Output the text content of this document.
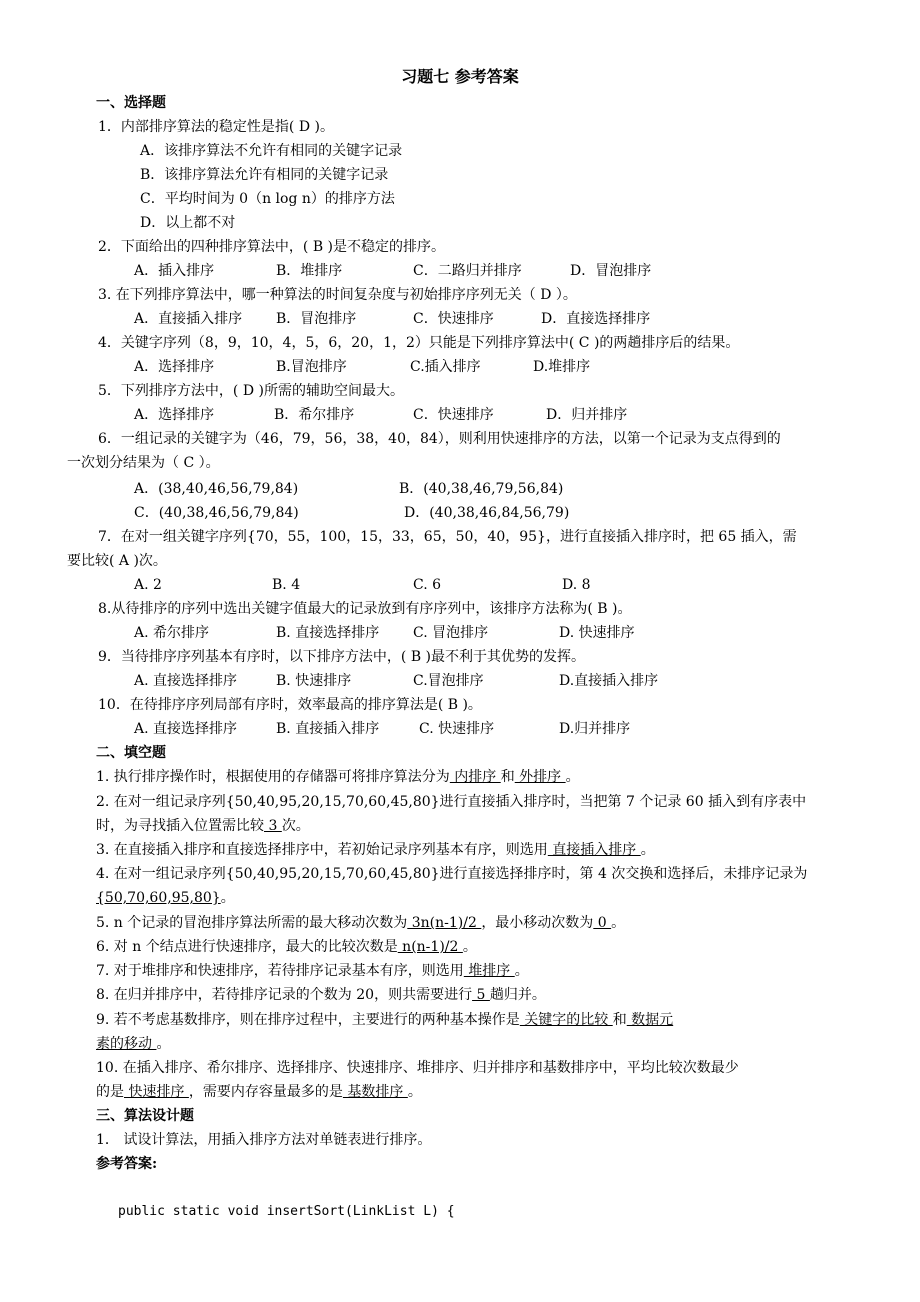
习题七 参考答案
一、选择题
1．内部排序算法的稳定性是指( D )。
A．该排序算法不允许有相同的关键字记录
B．该排序算法允许有相同的关键字记录
C．平均时间为 0（n log n）的排序方法
D．以上都不对
2．下面给出的四种排序算法中，( B )是不稳定的排序。
A．插入排序	B．堆排序	C．二路归并排序	D．冒泡排序
3. 在下列排序算法中，哪一种算法的时间复杂度与初始排序序列无关（ D ）。
A．直接插入排序 B．冒泡排序	C．快速排序	D．直接选择排序
4．关键字序列（8，9，10，4，5，6，20，1，2）只能是下列排序算法中( C )的两趟排序后的结果。
A．选择排序	B.冒泡排序	C.插入排序	D.堆排序
5．下列排序方法中，( D )所需的辅助空间最大。
A．选择排序	B．希尔排序	C．快速排序	D．归并排序
6．一组记录的关键字为（46，79，56，38，40，84），则利用快速排序的方法，以第一个记录为支点得到的
一次划分结果为（ C ）。
A．(38,40,46,56,79,84)	B．(40,38,46,79,56,84)
C．(40,38,46,56,79,84)	D．(40,38,46,84,56,79)
7．在对一组关键字序列{70，55，100，15，33，65，50，40，95}，进行直接插入排序时，把 65 插入，需
要比较( A )次。
A. 2	B. 4	C. 6	D. 8
8.从待排序的序列中选出关键字值最大的记录放到有序序列中，该排序方法称为( B )。
A. 希尔排序	B. 直接选择排序 C. 冒泡排序	D. 快速排序
9．当待排序序列基本有序时，以下排序方法中，( B )最不利于其优势的发挥。
A. 直接选择排序	B. 快速排序	C.冒泡排序	D.直接插入排序
10．在待排序序列局部有序时，效率最高的排序算法是( B )。
A. 直接选择排序	B. 直接插入排序	C. 快速排序	D.归并排序
二、填空题
1. 执行排序操作时，根据使用的存储器可将排序算法分为 内排序 和 外排序 。
2. 在对一组记录序列{50,40,95,20,15,70,60,45,80}进行直接插入排序时，当把第 7 个记录 60 插入到有序表中
时，为寻找插入位置需比较 3 次。
3. 在直接插入排序和直接选择排序中，若初始记录序列基本有序，则选用 直接插入排序 。
4. 在对一组记录序列{50,40,95,20,15,70,60,45,80}进行直接选择排序时，第 4 次交换和选择后，未排序记录为
{50,70,60,95,80}。
5. n 个记录的冒泡排序算法所需的最大移动次数为 3n(n-1)/2 ，最小移动次数为 0 。
6. 对 n 个结点进行快速排序，最大的比较次数是 n(n-1)/2 。
7. 对于堆排序和快速排序，若待排序记录基本有序，则选用 堆排序 。
8. 在归并排序中，若待排序记录的个数为 20，则共需要进行 5 趟归并。
9. 若不考虑基数排序，则在排序过程中，主要进行的两种基本操作是 关键字的比较 和 数据元
素的移动 。
10. 在插入排序、希尔排序、选择排序、快速排序、堆排序、归并排序和基数排序中，平均比较次数最少
的是 快速排序 ，需要内存容量最多的是 基数排序 。
三、算法设计题
1． 试设计算法，用插入排序方法对单链表进行排序。
参考答案:
public static void insertSort(LinkList L) {
